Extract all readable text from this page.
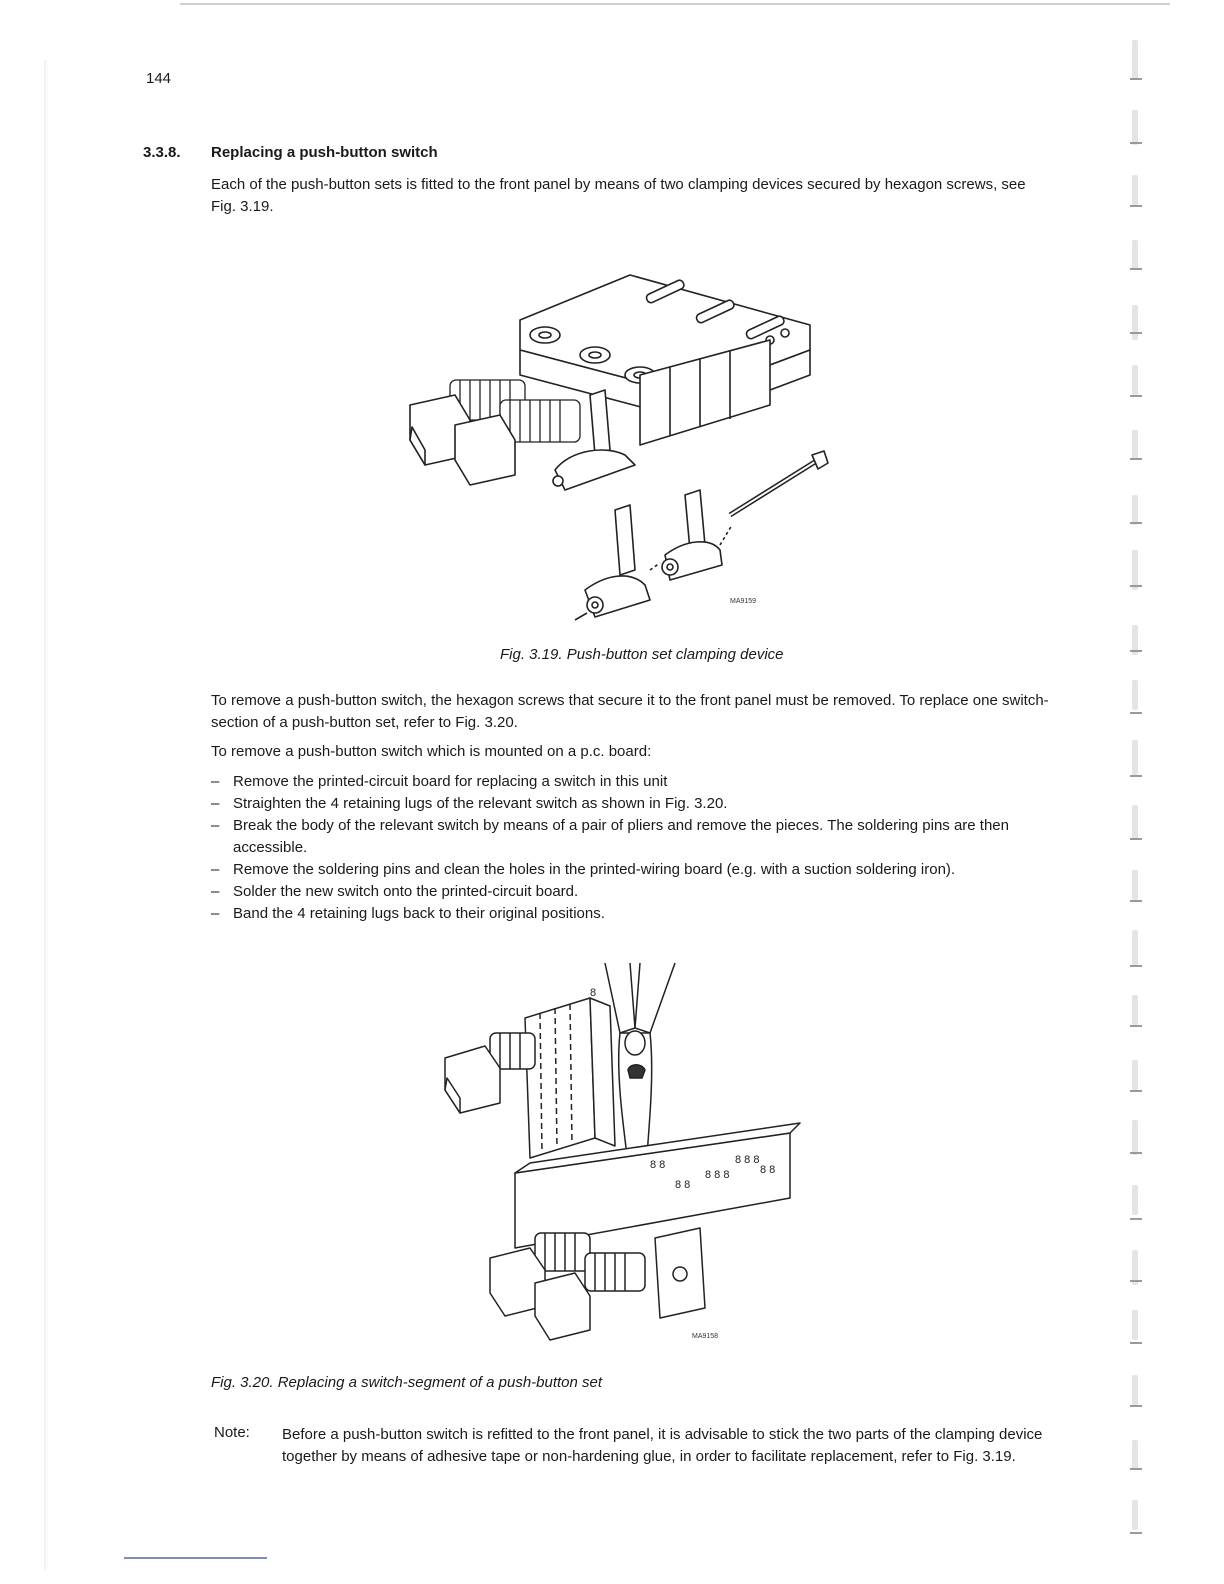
144
3.3.8. Replacing a push-button switch
Each of the push-button sets is fitted to the front panel by means of two clamping devices secured by hexagon screws, see Fig. 3.19.
MA9159
Fig. 3.19. Push-button set clamping device
To remove a push-button switch, the hexagon screws that secure it to the front panel must be removed. To replace one switch-section of a push-button set, refer to Fig. 3.20.
To remove a push-button switch which is mounted on a p.c. board:
– Remove the printed-circuit board for replacing a switch in this unit
– Straighten the 4 retaining lugs of the relevant switch as shown in Fig. 3.20.
– Break the body of the relevant switch by means of a pair of pliers and remove the pieces. The soldering pins are then accessible.
– Remove the soldering pins and clean the holes in the printed-wiring board (e.g. with a suction soldering iron).
– Solder the new switch onto the printed-circuit board.
– Band the 4 retaining lugs back to their original positions.
8
8 8
8 8
8 8 8
8 8 8
8 8
MA9158
Fig. 3.20. Replacing a switch-segment of a push-button set
Note: Before a push-button switch is refitted to the front panel, it is advisable to stick the two parts of the clamping device together by means of adhesive tape or non-hardening glue, in order to facilitate replacement, refer to Fig. 3.19.
